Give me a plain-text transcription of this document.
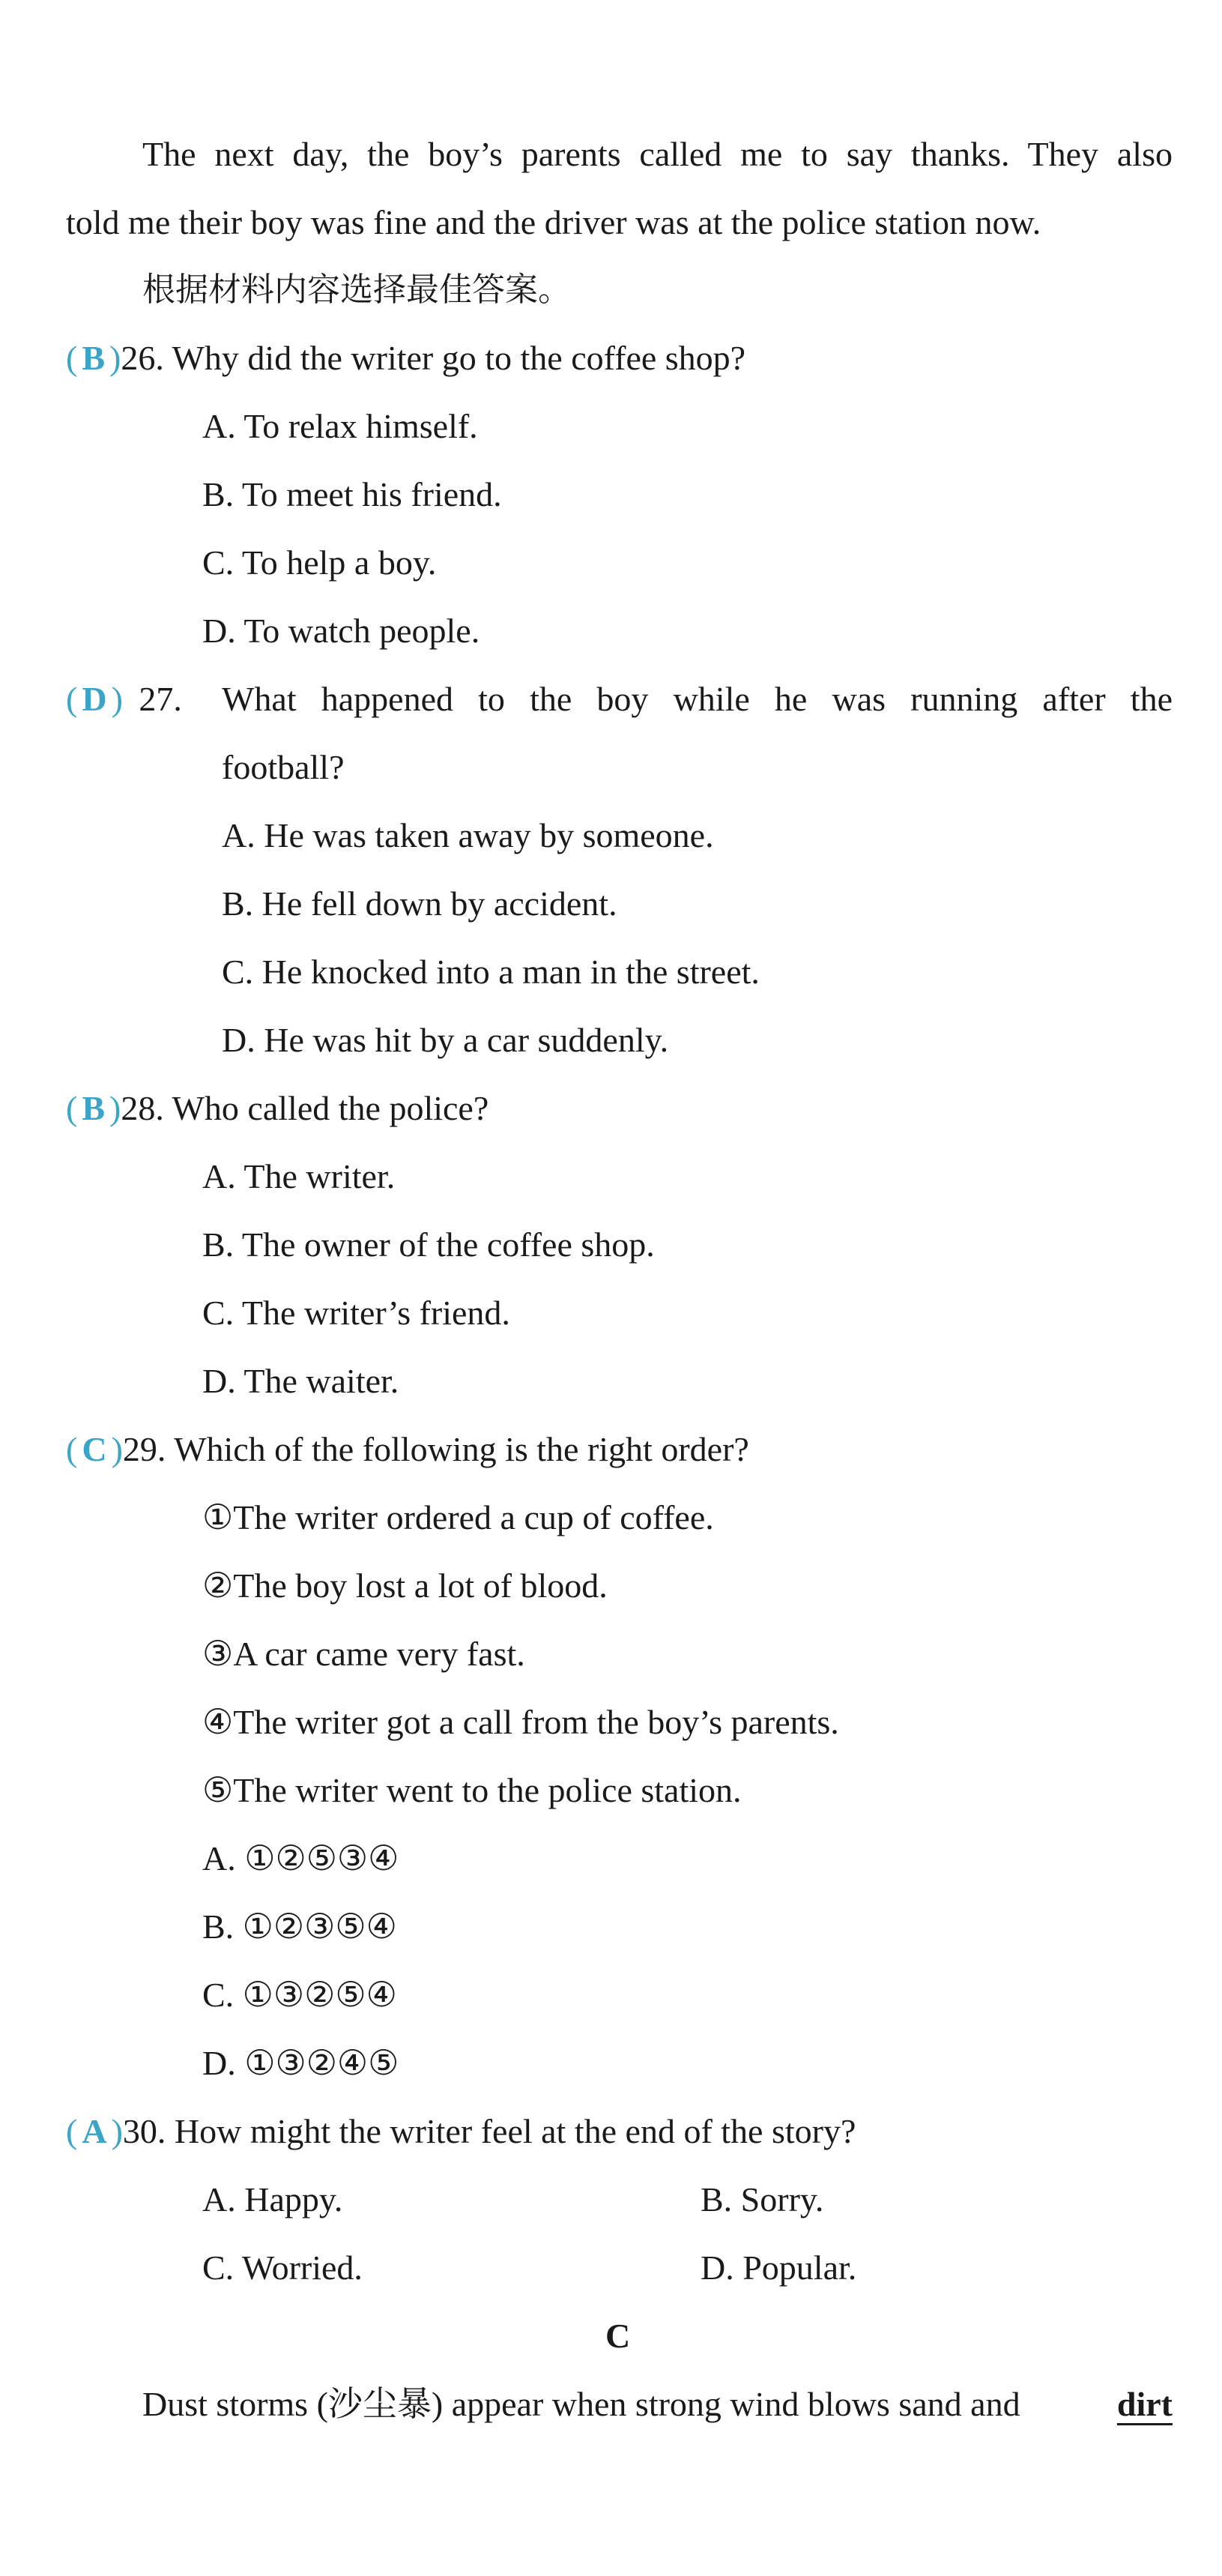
The next day, the boy’s parents called me to say thanks. They also
told me their boy was fine and the driver was at the police station now.
根据材料内容选择最佳答案。
( B )26. Why did the writer go to the coffee shop?
A. To relax himself.
B. To meet his friend.
C. To help a boy.
D. To watch people.
( D ) 27.	What happened to the boy while he was running after the
football?
A. He was taken away by someone.
B. He fell down by accident.
C. He knocked into a man in the street.
D. He was hit by a car suddenly.
( B )28. Who called the police?
A. The writer.
B. The owner of the coffee shop.
C. The writer’s friend.
D. The waiter.
( C )29. Which of the following is the right order?
①The writer ordered a cup of coffee.
②The boy lost a lot of blood.
③A car came very fast.
④The writer got a call from the boy’s parents.
⑤The writer went to the police station.
A. ①②⑤③④
B. ①②③⑤④
C. ①③②⑤④
D. ①③②④⑤
( A )30. How might the writer feel at the end of the story?
A. Happy.	B. Sorry.
C. Worried.	D. Popular.
C
Dust storms (沙尘暴) appear when strong wind blows sand and	dirt
